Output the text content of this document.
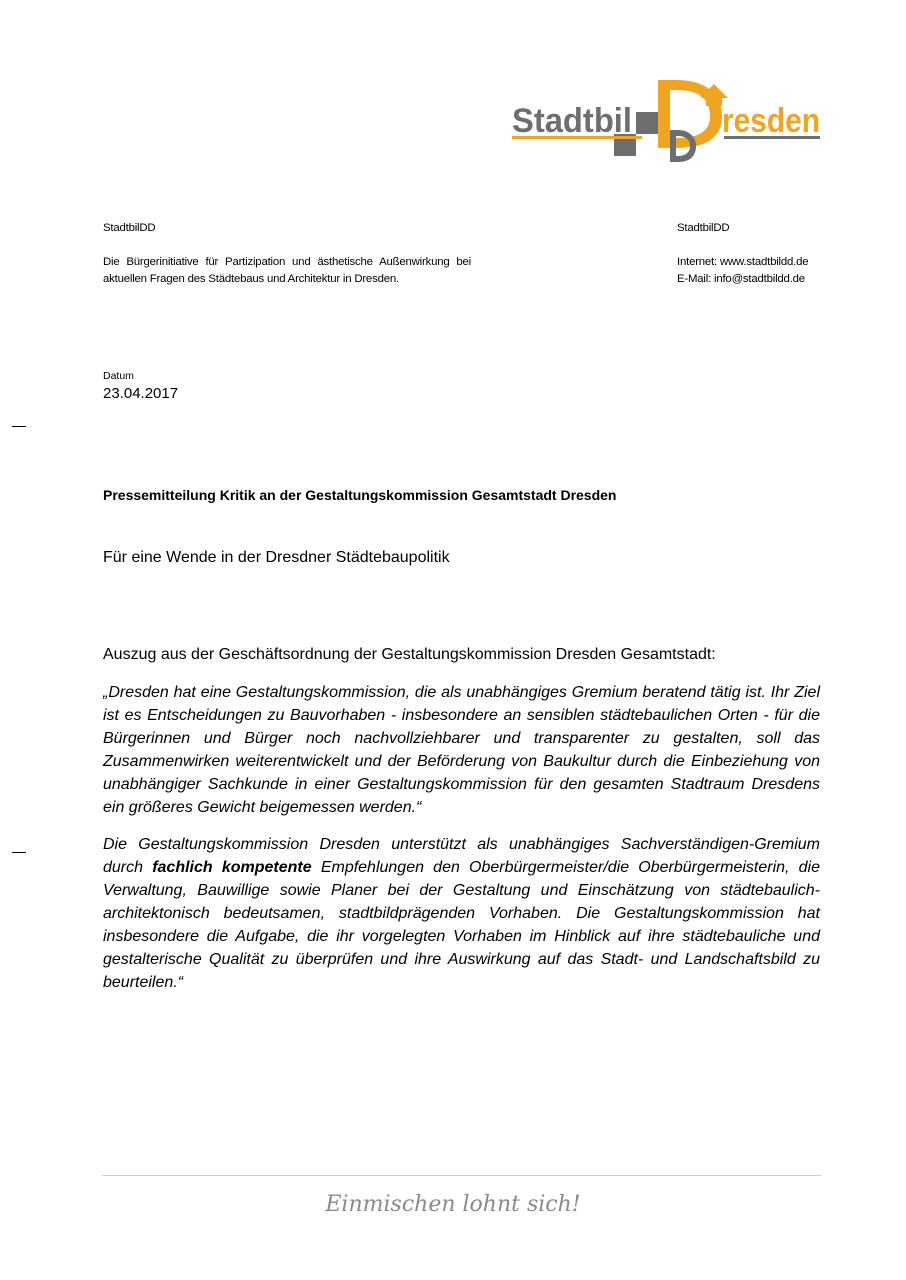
Stadtbil	resden
StadtbilDD
Die Bürgerinitiative für Partizipation und ästhetische Außenwirkung bei aktuellen Fragen des Städtebaus und Architektur in Dresden.
StadtbilDD
Internet: www.stadtbildd.de
E-Mail: info@stadtbildd.de
Datum
23.04.2017
Pressemitteilung Kritik an der Gestaltungskommission Gesamtstadt Dresden
Für eine Wende in der Dresdner Städtebaupolitik
Auszug aus der Geschäftsordnung der Gestaltungskommission Dresden Gesamtstadt:
„Dresden hat eine Gestaltungskommission, die als unabhängiges Gremium beratend tätig ist. Ihr Ziel ist es Entscheidungen zu Bauvorhaben - insbesondere an sensiblen städtebaulichen Orten - für die Bürgerinnen und Bürger noch nachvollziehbarer und transparenter zu gestalten, soll das Zusammenwirken weiterentwickelt und der Beförderung von Baukultur durch die Einbeziehung von unabhängiger Sachkunde in einer Gestaltungskommission für den gesamten Stadtraum Dresdens ein größeres Gewicht beigemessen werden.“
Die Gestaltungskommission Dresden unterstützt als unabhängiges Sachverständigen-Gremium durch fachlich kompetente Empfehlungen den Oberbürgermeister/die Oberbürgermeisterin, die Verwaltung, Bauwillige sowie Planer bei der Gestaltung und Einschätzung von städtebaulich-architektonisch bedeutsamen, stadtbildprägenden Vorhaben. Die Gestaltungskommission hat insbesondere die Aufgabe, die ihr vorgelegten Vorhaben im Hinblick auf ihre städtebauliche und gestalterische Qualität zu überprüfen und ihre Auswirkung auf das Stadt- und Landschaftsbild zu beurteilen.“
Einmischen lohnt sich!
